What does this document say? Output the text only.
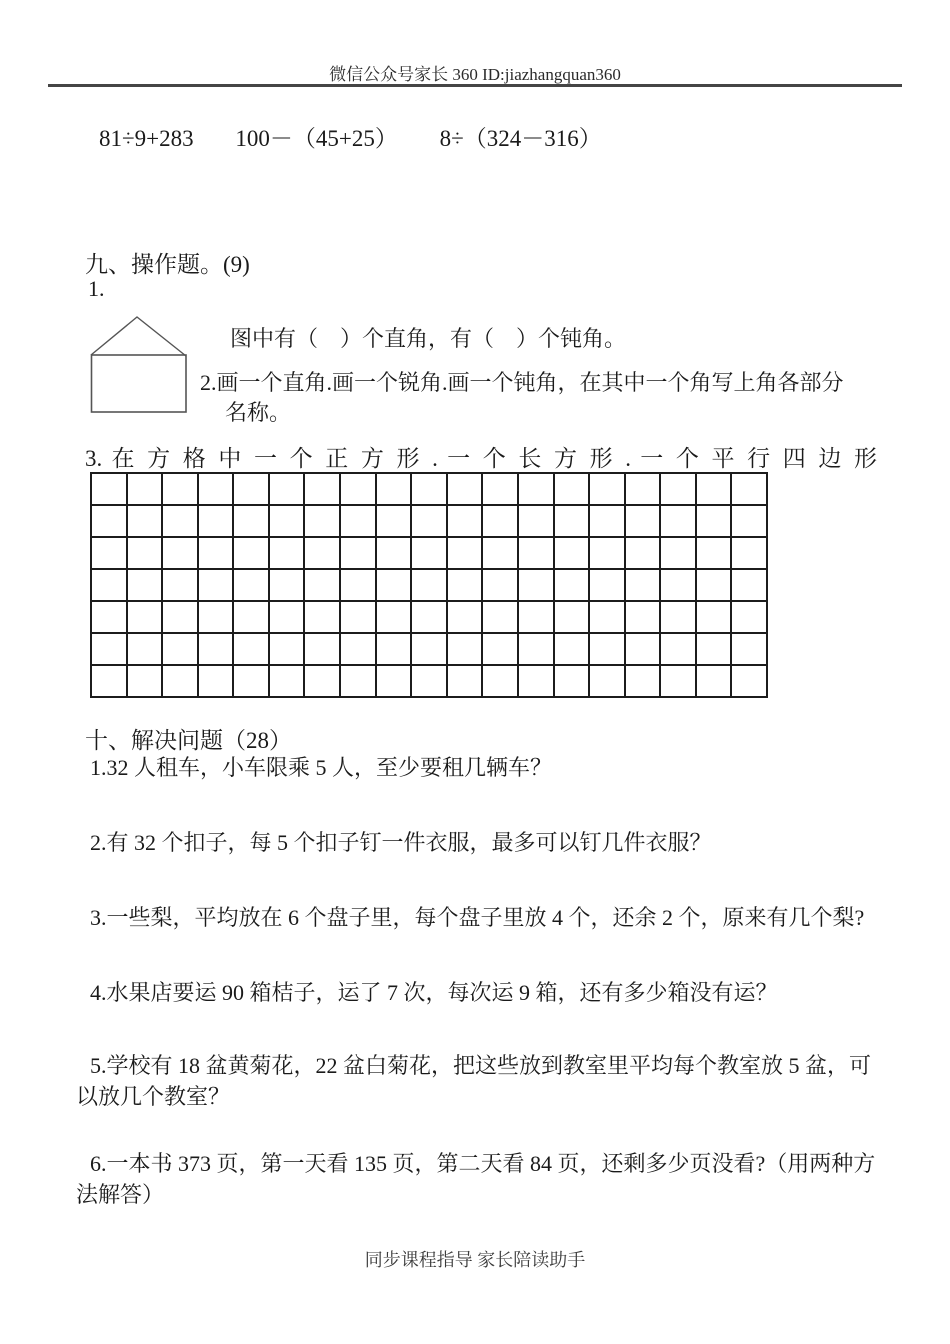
微信公众号家长 360 ID:jiazhangquan360
81÷9+283 100－（45+25） 8÷（324－316）
九、操作题。(9)
1.
图中有（　）个直角，有（　）个钝角。
2.画一个直角.画一个锐角.画一个钝角，在其中一个角写上角各部分
名称。
3. 在 方 格 中 一 个 正 方 形 . 一 个 长 方 形 . 一 个 平 行 四 边 形
十、解决问题（28）
1.32 人租车，小车限乘 5 人，至少要租几辆车？
2.有 32 个扣子，每 5 个扣子钉一件衣服，最多可以钉几件衣服？
3.一些梨，平均放在 6 个盘子里，每个盘子里放 4 个，还余 2 个，原来有几个梨?
4.水果店要运 90 箱桔子，运了 7 次，每次运 9 箱，还有多少箱没有运？
5.学校有 18 盆黄菊花，22 盆白菊花，把这些放到教室里平均每个教室放 5 盆，可以放几个教室？
6.一本书 373 页，第一天看 135 页，第二天看 84 页，还剩多少页没看?（用两种方法解答）
同步课程指导 家长陪读助手
